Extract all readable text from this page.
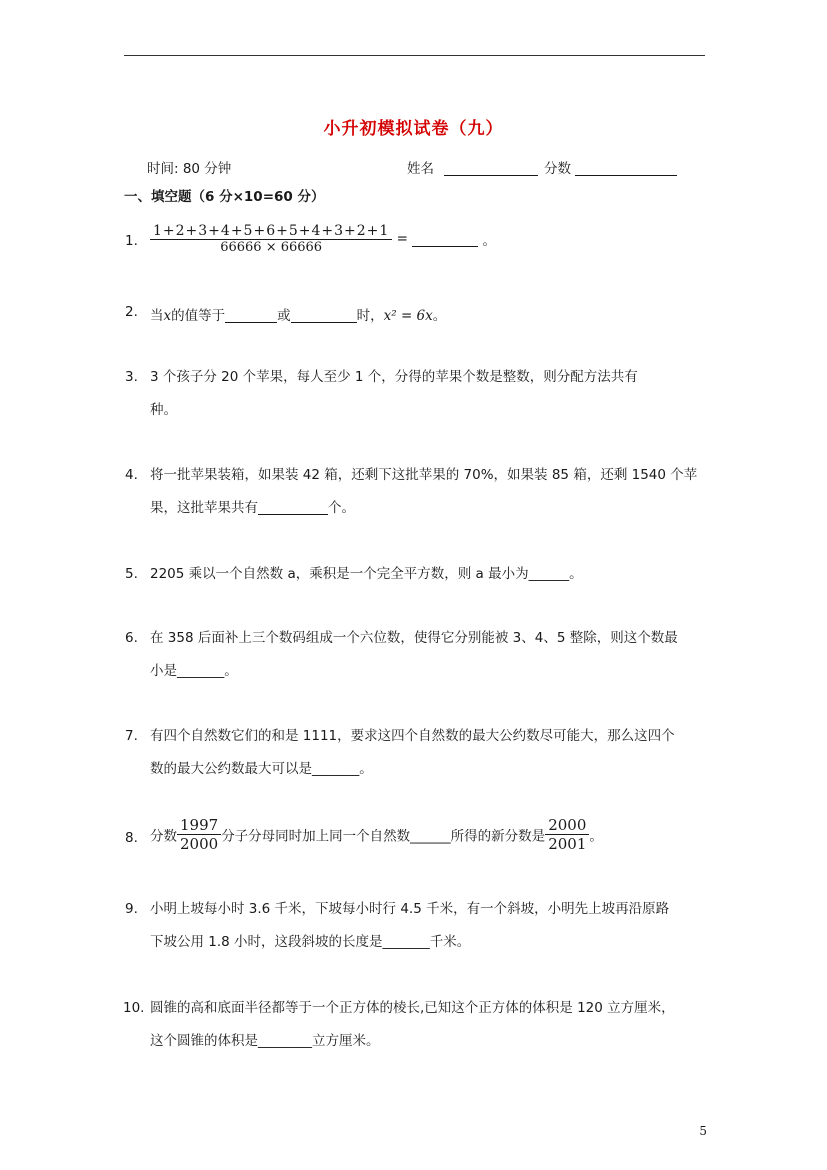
小升初模拟试卷（九）
时间: 80 分钟	姓名	分数
一、填空题（6 分×10=60 分）
1. $\frac{1+2+3+4+5+6+5+4+3+2+1}{66666 \times 66666}$ =	。
2. 当x的值等于	或	时，x² = 6x。
3. 3 个孩子分 20 个苹果，每人至少 1 个，分得的苹果个数是整数，则分配方法共有
种。
4. 将一批苹果装箱，如果装 42 箱，还剩下这批苹果的 70%，如果装 85 箱，还剩 1540 个苹
果，这批苹果共有	个。
5. 2205 乘以一个自然数 a，乘积是一个完全平方数，则 a 最小为______。
6. 在 358 后面补上三个数码组成一个六位数，使得它分别能被 3、4、5 整除，则这个数最
小是_______。
7. 有四个自然数它们的和是 1111，要求这四个自然数的最大公约数尽可能大，那么这四个
数的最大公约数最大可以是_______。
8. 分数 $\frac{1997}{2000}$ 分子分母同时加上同一个自然数______所得的新分数是 $\frac{2000}{2001}$ 。
9. 小明上坡每小时 3.6 千米，下坡每小时行 4.5 千米，有一个斜坡，小明先上坡再沿原路
下坡公用 1.8 小时，这段斜坡的长度是_______千米。
10. 圆锥的高和底面半径都等于一个正方体的棱长,已知这个正方体的体积是 120 立方厘米，
这个圆锥的体积是________立方厘米。
5
